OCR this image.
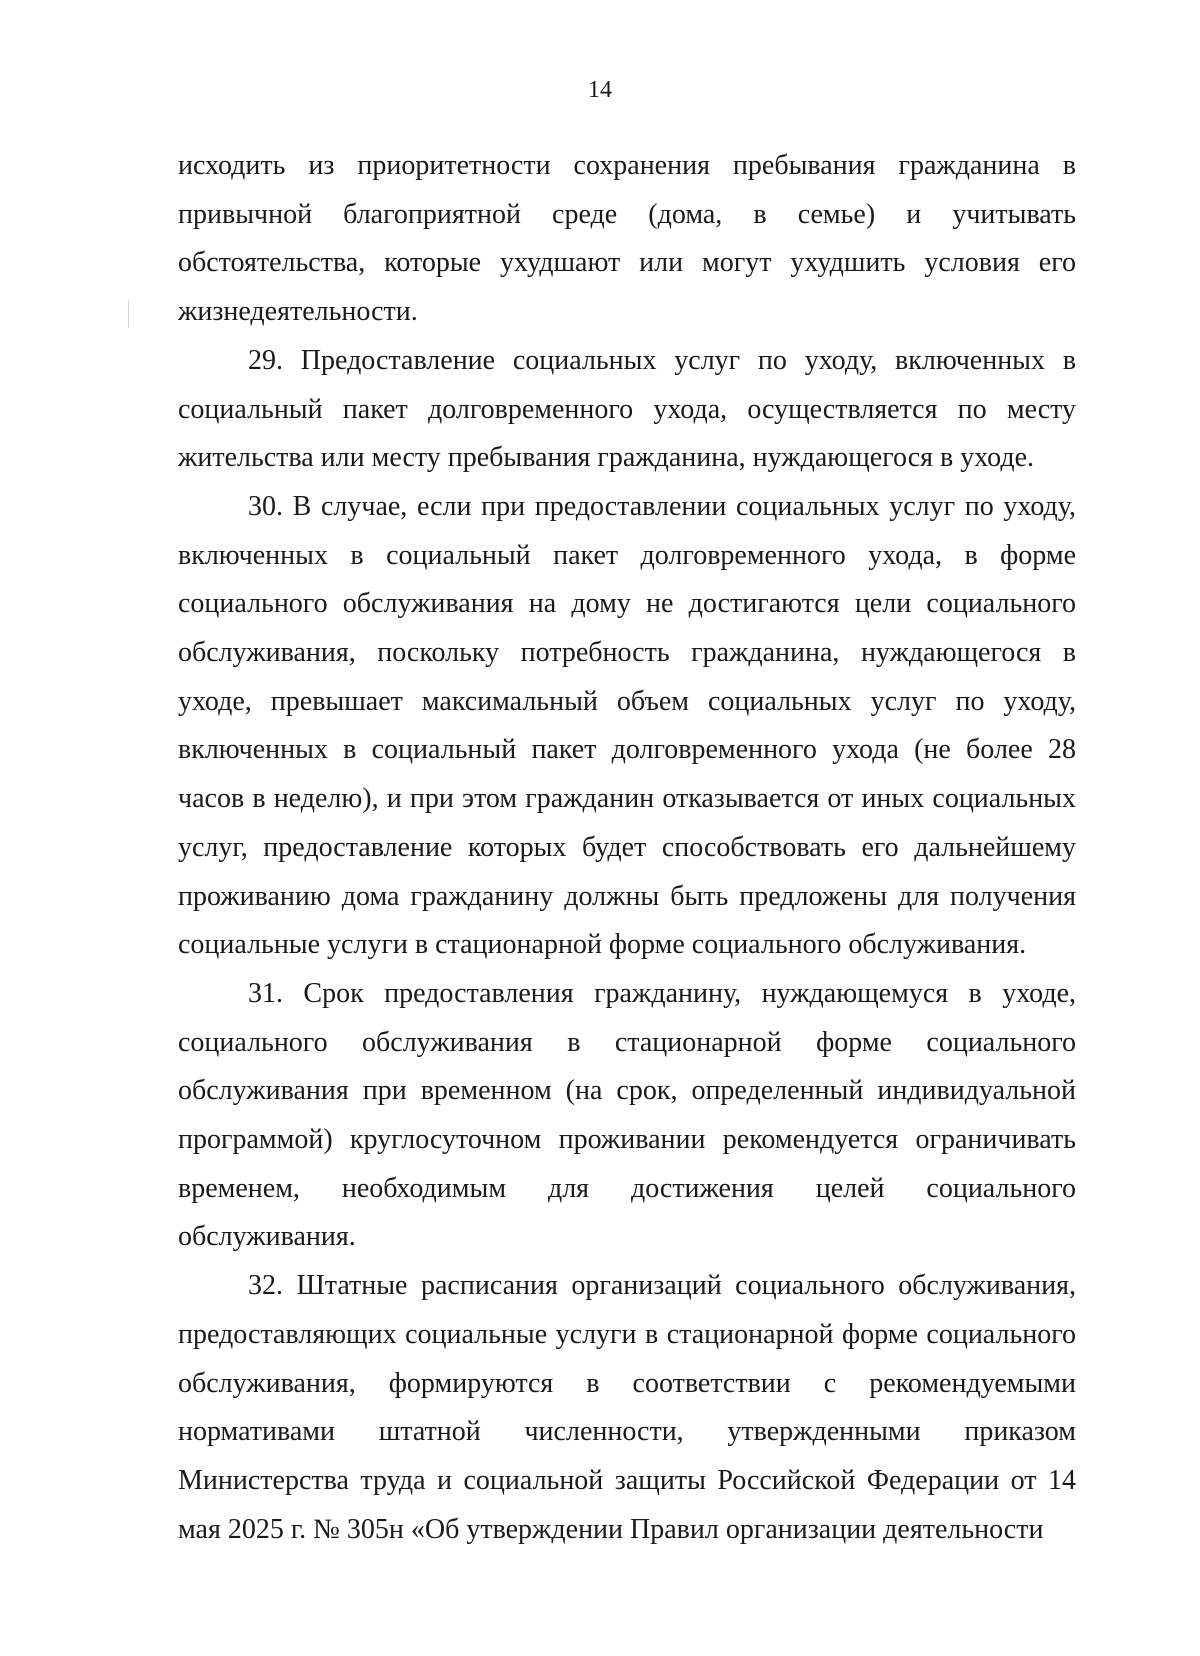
14

исходить из приоритетности сохранения пребывания гражданина в привычной благоприятной среде (дома, в семье) и учитывать обстоятельства, которые ухудшают или могут ухудшить условия его жизнедеятельности.

29. Предоставление социальных услуг по уходу, включенных в социальный пакет долговременного ухода, осуществляется по месту жительства или месту пребывания гражданина, нуждающегося в уходе.

30. В случае, если при предоставлении социальных услуг по уходу, включенных в социальный пакет долговременного ухода, в форме социального обслуживания на дому не достигаются цели социального обслуживания, поскольку потребность гражданина, нуждающегося в уходе, превышает максимальный объем социальных услуг по уходу, включенных в социальный пакет долговременного ухода (не более 28 часов в неделю), и при этом гражданин отказывается от иных социальных услуг, предоставление которых будет способствовать его дальнейшему проживанию дома гражданину должны быть предложены для получения социальные услуги в стационарной форме социального обслуживания.

31. Срок предоставления гражданину, нуждающемуся в уходе, социального обслуживания в стационарной форме социального обслуживания при временном (на срок, определенный индивидуальной программой) круглосуточном проживании рекомендуется ограничивать временем, необходимым для достижения целей социального обслуживания.

32. Штатные расписания организаций социального обслуживания, предоставляющих социальные услуги в стационарной форме социального обслуживания, формируются в соответствии с рекомендуемыми нормативами штатной численности, утвержденными приказом Министерства труда и социальной защиты Российской Федерации от 14 мая 2025 г. № 305н «Об утверждении Правил организации деятельности
